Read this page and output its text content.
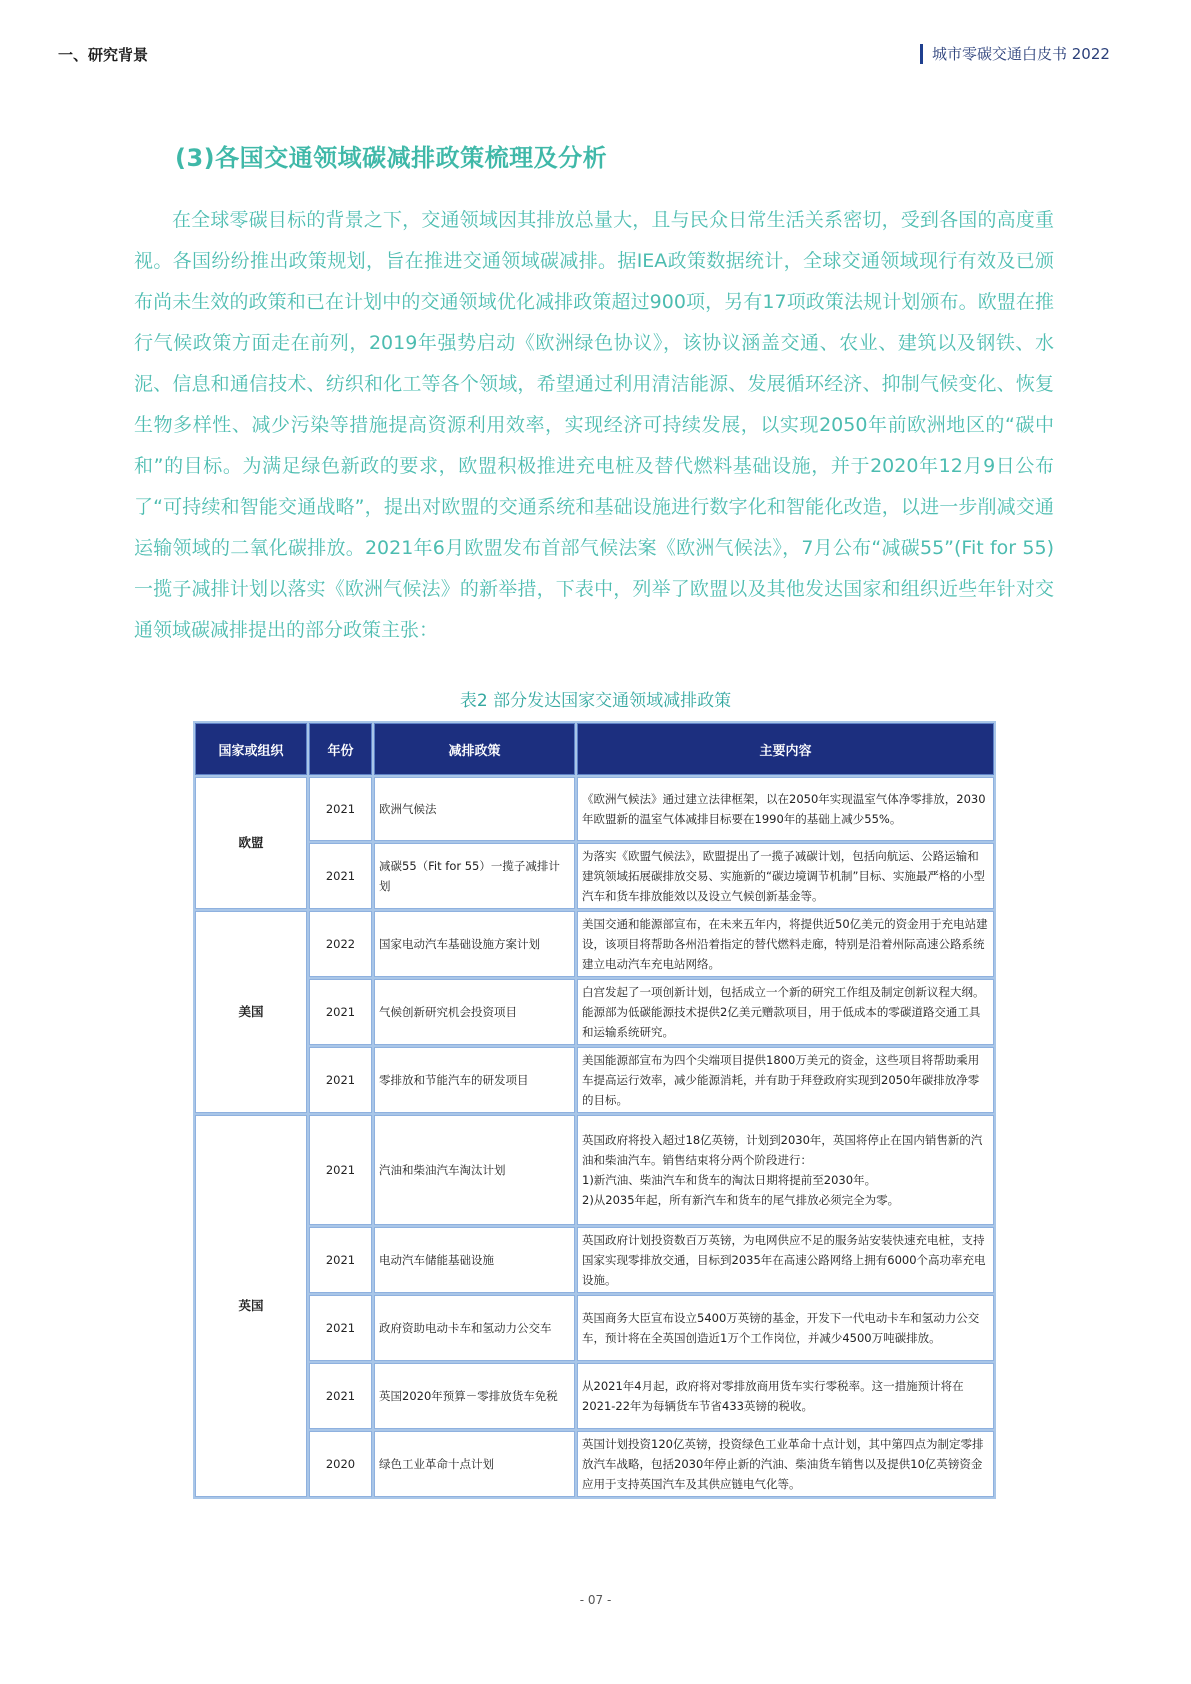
一、研究背景	城市零碳交通白皮书 2022
(3)各国交通领域碳减排政策梳理及分析

在全球零碳目标的背景之下，交通领域因其排放总量大，且与民众日常生活关系密切，受到各国的高度重视。各国纷纷推出政策规划，旨在推进交通领域碳减排。据IEA政策数据统计，全球交通领域现行有效及已颁布尚未生效的政策和已在计划中的交通领域优化减排政策超过900项，另有17项政策法规计划颁布。欧盟在推行气候政策方面走在前列，2019年强势启动《欧洲绿色协议》，该协议涵盖交通、农业、建筑以及钢铁、水泥、信息和通信技术、纺织和化工等各个领域，希望通过利用清洁能源、发展循环经济、抑制气候变化、恢复生物多样性、减少污染等措施提高资源利用效率，实现经济可持续发展，以实现2050年前欧洲地区的“碳中和”的目标。为满足绿色新政的要求，欧盟积极推进充电桩及替代燃料基础设施，并于2020年12月9日公布了“可持续和智能交通战略”，提出对欧盟的交通系统和基础设施进行数字化和智能化改造，以进一步削减交通运输领域的二氧化碳排放。2021年6月欧盟发布首部气候法案《欧洲气候法》，7月公布“减碳55”(Fit for 55)一揽子减排计划以落实《欧洲气候法》的新举措，下表中，列举了欧盟以及其他发达国家和组织近些年针对交通领域碳减排提出的部分政策主张：

表2 部分发达国家交通领域减排政策
国家或组织	年份	减排政策	主要内容
欧盟	2021	欧洲气候法	《欧洲气候法》通过建立法律框架，以在2050年实现温室气体净零排放，2030年欧盟新的温室气体减排目标要在1990年的基础上减少55%。
	2021	减碳55（Fit for 55）一揽子减排计划	为落实《欧盟气候法》，欧盟提出了一揽子减碳计划，包括向航运、公路运输和建筑领域拓展碳排放交易、实施新的“碳边境调节机制”目标、实施最严格的小型汽车和货车排放能效以及设立气候创新基金等。
美国	2022	国家电动汽车基础设施方案计划	美国交通和能源部宣布，在未来五年内，将提供近50亿美元的资金用于充电站建设，该项目将帮助各州沿着指定的替代燃料走廊，特别是沿着州际高速公路系统建立电动汽车充电站网络。
	2021	气候创新研究机会投资项目	白宫发起了一项创新计划，包括成立一个新的研究工作组及制定创新议程大纲。能源部为低碳能源技术提供2亿美元赠款项目，用于低成本的零碳道路交通工具和运输系统研究。
	2021	零排放和节能汽车的研发项目	美国能源部宣布为四个尖端项目提供1800万美元的资金，这些项目将帮助乘用车提高运行效率，减少能源消耗，并有助于拜登政府实现到2050年碳排放净零的目标。
英国	2021	汽油和柴油汽车淘汰计划	英国政府将投入超过18亿英镑，计划到2030年，英国将停止在国内销售新的汽油和柴油汽车。销售结束将分两个阶段进行：
1)新汽油、柴油汽车和货车的淘汰日期将提前至2030年。
2)从2035年起，所有新汽车和货车的尾气排放必须完全为零。

	2021	电动汽车储能基础设施	英国政府计划投资数百万英镑，为电网供应不足的服务站安装快速充电桩，支持国家实现零排放交通，目标到2035年在高速公路网络上拥有6000个高功率充电设施。
	2021	政府资助电动卡车和氢动力公交车	英国商务大臣宣布设立5400万英镑的基金，开发下一代电动卡车和氢动力公交车，预计将在全英国创造近1万个工作岗位，并减少4500万吨碳排放。
	2021	英国2020年预算－零排放货车免税	从2021年4月起，政府将对零排放商用货车实行零税率。这一措施预计将在2021-22年为每辆货车节省433英镑的税收。
	2020	绿色工业革命十点计划	英国计划投资120亿英镑，投资绿色工业革命十点计划，其中第四点为制定零排放汽车战略，包括2030年停止新的汽油、柴油货车销售以及提供10亿英镑资金应用于支持英国汽车及其供应链电气化等。
- 07 -
